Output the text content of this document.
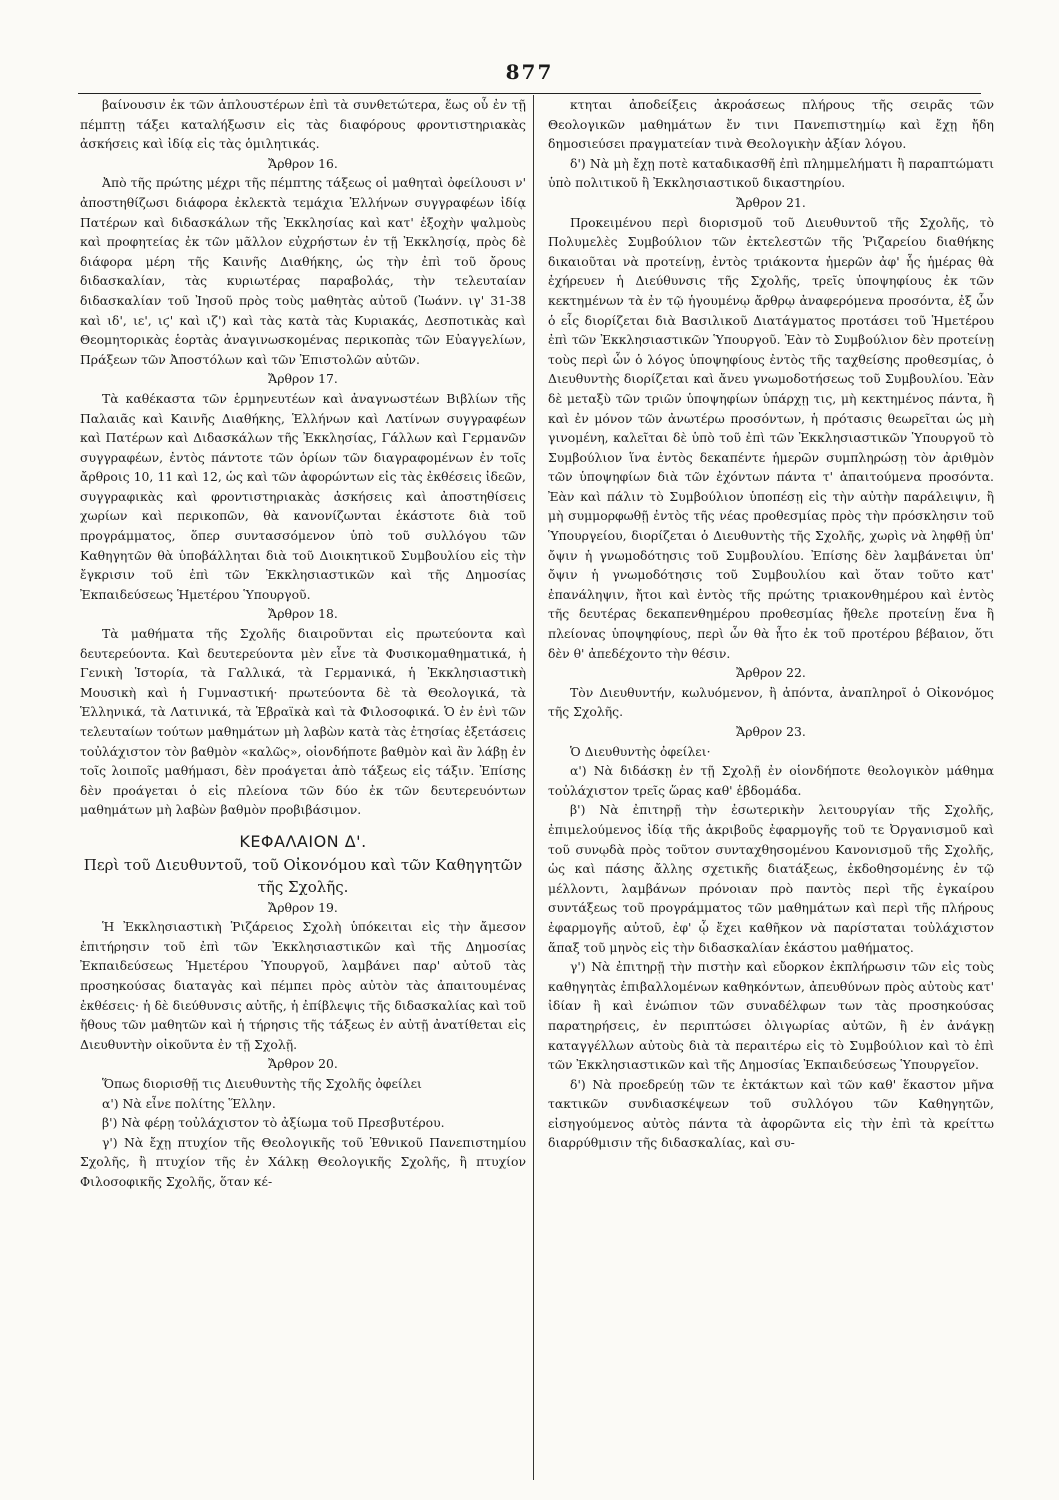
877

βαίνουσιν ἐκ τῶν ἁπλουστέρων ἐπὶ τὰ συνθετώτερα, ἕως οὗ ἐν τῇ πέμπτῃ τάξει καταλήξωσιν εἰς τὰς διαφόρους φροντιστηριακὰς ἀσκήσεις καὶ ἰδίᾳ εἰς τὰς ὁμιλητικάς.

Ἄρθρον 16.

Ἀπὸ τῆς πρώτης μέχρι τῆς πέμπτης τάξεως οἱ μαθηταὶ ὀφείλουσι ν' ἀποστηθίζωσι διάφορα ἐκλεκτὰ τεμάχια Ἑλλήνων συγγραφέων ἰδίᾳ Πατέρων καὶ διδασκάλων τῆς Ἐκκλησίας καὶ κατ' ἐξοχὴν ψαλμοὺς καὶ προφητείας ἐκ τῶν μᾶλλον εὐχρήστων ἐν τῇ Ἐκκλησίᾳ, πρὸς δὲ διάφορα μέρη τῆς Καινῆς Διαθήκης, ὡς τὴν ἐπὶ τοῦ ὄρους διδασκαλίαν, τὰς κυριωτέρας παραβολάς, τὴν τελευταίαν διδασκαλίαν τοῦ Ἰησοῦ πρὸς τοὺς μαθητὰς αὐτοῦ (Ἰωάνν. ιγ' 31-38 καὶ ιδ', ιε', ιϛ' καὶ ιζ') καὶ τὰς κατὰ τὰς Κυριακάς, Δεσποτικὰς καὶ Θεομητορικὰς ἑορτὰς ἀναγινωσκομένας περικοπὰς τῶν Εὐαγγελίων, Πράξεων τῶν Ἀποστόλων καὶ τῶν Ἐπιστολῶν αὐτῶν.

Ἄρθρον 17.

Τὰ καθέκαστα τῶν ἑρμηνευτέων καὶ ἀναγνωστέων Βιβλίων τῆς Παλαιᾶς καὶ Καινῆς Διαθήκης, Ἑλλήνων καὶ Λατίνων συγγραφέων καὶ Πατέρων καὶ Διδασκάλων τῆς Ἐκκλησίας, Γάλλων καὶ Γερμανῶν συγγραφέων, ἐντὸς πάντοτε τῶν ὁρίων τῶν διαγραφομένων ἐν τοῖς ἄρθροις 10, 11 καὶ 12, ὡς καὶ τῶν ἀφορώντων εἰς τὰς ἐκθέσεις ἰδεῶν, συγγραφικὰς καὶ φροντιστηριακὰς ἀσκήσεις καὶ ἀποστηθίσεις χωρίων καὶ περικοπῶν, θὰ κανονίζωνται ἑκάστοτε διὰ τοῦ προγράμματος, ὅπερ συντασσόμενον ὑπὸ τοῦ συλλόγου τῶν Καθηγητῶν θὰ ὑποβάλληται διὰ τοῦ Διοικητικοῦ Συμβουλίου εἰς τὴν ἔγκρισιν τοῦ ἐπὶ τῶν Ἐκκλησιαστικῶν καὶ τῆς Δημοσίας Ἐκπαιδεύσεως Ἡμετέρου Ὑπουργοῦ.

Ἄρθρον 18.

Τὰ μαθήματα τῆς Σχολῆς διαιροῦνται εἰς πρωτεύοντα καὶ δευτερεύοντα. Καὶ δευτερεύοντα μὲν εἶνε τὰ Φυσικομαθηματικά, ἡ Γενικὴ Ἱστορία, τὰ Γαλλικά, τὰ Γερμανικά, ἡ Ἐκκλησιαστικὴ Μουσικὴ καὶ ἡ Γυμναστική· πρωτεύοντα δὲ τὰ Θεολογικά, τὰ Ἑλληνικά, τὰ Λατινικά, τὰ Ἑβραϊκὰ καὶ τὰ Φιλοσοφικά. Ὁ ἐν ἑνὶ τῶν τελευταίων τούτων μαθημάτων μὴ λαβὼν κατὰ τὰς ἐτησίας ἐξετάσεις τοὐλάχιστον τὸν βαθμὸν «καλῶς», οἱονδήποτε βαθμὸν καὶ ἂν λάβῃ ἐν τοῖς λοιποῖς μαθήμασι, δὲν προάγεται ἀπὸ τάξεως εἰς τάξιν. Ἐπίσης δὲν προάγεται ὁ εἰς πλείονα τῶν δύο ἐκ τῶν δευτερευόντων μαθημάτων μὴ λαβὼν βαθμὸν προβιβάσιμον.

ΚΕΦΑΛΑΙΟΝ Δ'.
Περὶ τοῦ Διευθυντοῦ, τοῦ Οἰκονόμου καὶ τῶν Καθηγητῶν τῆς Σχολῆς.
Ἄρθρον 19.

Ἡ Ἐκκλησιαστικὴ Ῥιζάρειος Σχολὴ ὑπόκειται εἰς τὴν ἄμεσον ἐπιτήρησιν τοῦ ἐπὶ τῶν Ἐκκλησιαστικῶν καὶ τῆς Δημοσίας Ἐκπαιδεύσεως Ἡμετέρου Ὑπουργοῦ, λαμβάνει παρ' αὐτοῦ τὰς προσηκούσας διαταγὰς καὶ πέμπει πρὸς αὐτὸν τὰς ἀπαιτουμένας ἐκθέσεις· ἡ δὲ διεύθυνσις αὐτῆς, ἡ ἐπίβλεψις τῆς διδασκαλίας καὶ τοῦ ἤθους τῶν μαθητῶν καὶ ἡ τήρησις τῆς τάξεως ἐν αὐτῇ ἀνατίθεται εἰς Διευθυντὴν οἰκοῦντα ἐν τῇ Σχολῇ.

Ἄρθρον 20.

Ὅπως διορισθῇ τις Διευθυντὴς τῆς Σχολῆς ὀφείλει

α') Νὰ εἶνε πολίτης Ἕλλην.

β') Νὰ φέρῃ τοὐλάχιστον τὸ ἀξίωμα τοῦ Πρεσβυτέρου.

γ') Νὰ ἔχῃ πτυχίον τῆς Θεολογικῆς τοῦ Ἐθνικοῦ Πανεπιστημίου Σχολῆς, ἢ πτυχίον τῆς ἐν Χάλκῃ Θεολογικῆς Σχολῆς, ἢ πτυχίον Φιλοσοφικῆς Σχολῆς, ὅταν κέ-

κτηται ἀποδείξεις ἀκροάσεως πλήρους τῆς σειρᾶς τῶν Θεολογικῶν μαθημάτων ἔν τινι Πανεπιστημίῳ καὶ ἔχῃ ἤδη δημοσιεύσει πραγματείαν τινὰ Θεολογικὴν ἀξίαν λόγου.

δ') Νὰ μὴ ἔχῃ ποτὲ καταδικασθῆ ἐπὶ πλημμελήματι ἢ παραπτώματι ὑπὸ πολιτικοῦ ἢ Ἐκκλησιαστικοῦ δικαστηρίου.

Ἄρθρον 21.

Προκειμένου περὶ διορισμοῦ τοῦ Διευθυντοῦ τῆς Σχολῆς, τὸ Πολυμελὲς Συμβούλιον τῶν ἐκτελεστῶν τῆς Ῥιζαρείου διαθήκης δικαιοῦται νὰ προτείνῃ, ἐντὸς τριάκοντα ἡμερῶν ἀφ' ἧς ἡμέρας θὰ ἐχήρευεν ἡ Διεύθυνσις τῆς Σχολῆς, τρεῖς ὑποψηφίους ἐκ τῶν κεκτημένων τὰ ἐν τῷ ἡγουμένῳ ἄρθρῳ ἀναφερόμενα προσόντα, ἐξ ὧν ὁ εἷς διορίζεται διὰ Βασιλικοῦ Διατάγματος προτάσει τοῦ Ἡμετέρου ἐπὶ τῶν Ἐκκλησιαστικῶν Ὑπουργοῦ. Ἐὰν τὸ Συμβούλιον δὲν προτείνῃ τοὺς περὶ ὧν ὁ λόγος ὑποψηφίους ἐντὸς τῆς ταχθείσης προθεσμίας, ὁ Διευθυντὴς διορίζεται καὶ ἄνευ γνωμοδοτήσεως τοῦ Συμβουλίου. Ἐὰν δὲ μεταξὺ τῶν τριῶν ὑποψηφίων ὑπάρχῃ τις, μὴ κεκτημένος πάντα, ἢ καὶ ἐν μόνον τῶν ἀνωτέρω προσόντων, ἡ πρότασις θεωρεῖται ὡς μὴ γινομένη, καλεῖται δὲ ὑπὸ τοῦ ἐπὶ τῶν Ἐκκλησιαστικῶν Ὑπουργοῦ τὸ Συμβούλιον ἵνα ἐντὸς δεκαπέντε ἡμερῶν συμπληρώσῃ τὸν ἀριθμὸν τῶν ὑποψηφίων διὰ τῶν ἐχόντων πάντα τ' ἀπαιτούμενα προσόντα. Ἐὰν καὶ πάλιν τὸ Συμβούλιον ὑποπέσῃ εἰς τὴν αὐτὴν παράλειψιν, ἢ μὴ συμμορφωθῇ ἐντὸς τῆς νέας προθεσμίας πρὸς τὴν πρόσκλησιν τοῦ Ὑπουργείου, διορίζεται ὁ Διευθυντὴς τῆς Σχολῆς, χωρὶς νὰ ληφθῇ ὑπ' ὄψιν ἡ γνωμοδότησις τοῦ Συμβουλίου. Ἐπίσης δὲν λαμβάνεται ὑπ' ὄψιν ἡ γνωμοδότησις τοῦ Συμβουλίου καὶ ὅταν τοῦτο κατ' ἐπανάληψιν, ἤτοι καὶ ἐντὸς τῆς πρώτης τριακονθημέρου καὶ ἐντὸς τῆς δευτέρας δεκαπενθημέρου προθεσμίας ἤθελε προτείνῃ ἕνα ἢ πλείονας ὑποψηφίους, περὶ ὧν θὰ ἦτο ἐκ τοῦ προτέρου βέβαιον, ὅτι δὲν θ' ἀπεδέχοντο τὴν θέσιν.

Ἄρθρον 22.

Τὸν Διευθυντήν, κωλυόμενον, ἢ ἀπόντα, ἀναπληροῖ ὁ Οἰκονόμος τῆς Σχολῆς.

Ἄρθρον 23.

Ὁ Διευθυντὴς ὀφείλει·

α') Νὰ διδάσκῃ ἐν τῇ Σχολῇ ἐν οἱονδήποτε θεολογικὸν μάθημα τοὐλάχιστον τρεῖς ὥρας καθ' ἑβδομάδα.

β') Νὰ ἐπιτηρῇ τὴν ἐσωτερικὴν λειτουργίαν τῆς Σχολῆς, ἐπιμελούμενος ἰδίᾳ τῆς ἀκριβοῦς ἐφαρμογῆς τοῦ τε Ὀργανισμοῦ καὶ τοῦ συνῳδὰ πρὸς τοῦτον συνταχθησομένου Κανονισμοῦ τῆς Σχολῆς, ὡς καὶ πάσης ἄλλης σχετικῆς διατάξεως, ἐκδοθησομένης ἐν τῷ μέλλοντι, λαμβάνων πρόνοιαν πρὸ παντὸς περὶ τῆς ἐγκαίρου συντάξεως τοῦ προγράμματος τῶν μαθημάτων καὶ περὶ τῆς πλήρους ἐφαρμογῆς αὐτοῦ, ἐφ' ᾧ ἔχει καθῆκον νὰ παρίσταται τοὐλάχιστον ἅπαξ τοῦ μηνὸς εἰς τὴν διδασκαλίαν ἑκάστου μαθήματος.

γ') Νὰ ἐπιτηρῇ τὴν πιστὴν καὶ εὔορκον ἐκπλήρωσιν τῶν εἰς τοὺς καθηγητὰς ἐπιβαλλομένων καθηκόντων, ἀπευθύνων πρὸς αὐτοὺς κατ' ἰδίαν ἢ καὶ ἐνώπιον τῶν συναδέλφων των τὰς προσηκούσας παρατηρήσεις, ἐν περιπτώσει ὀλιγωρίας αὐτῶν, ἢ ἐν ἀνάγκῃ καταγγέλλων αὐτοὺς διὰ τὰ περαιτέρω εἰς τὸ Συμβούλιον καὶ τὸ ἐπὶ τῶν Ἐκκλησιαστικῶν καὶ τῆς Δημοσίας Ἐκπαιδεύσεως Ὑπουργεῖον.

δ') Νὰ προεδρεύῃ τῶν τε ἐκτάκτων καὶ τῶν καθ' ἕκαστον μῆνα τακτικῶν συνδιασκέψεων τοῦ συλλόγου τῶν Καθηγητῶν, εἰσηγούμενος αὐτὸς πάντα τὰ ἀφορῶντα εἰς τὴν ἐπὶ τὰ κρείττω διαρρύθμισιν τῆς διδασκαλίας, καὶ συ-
